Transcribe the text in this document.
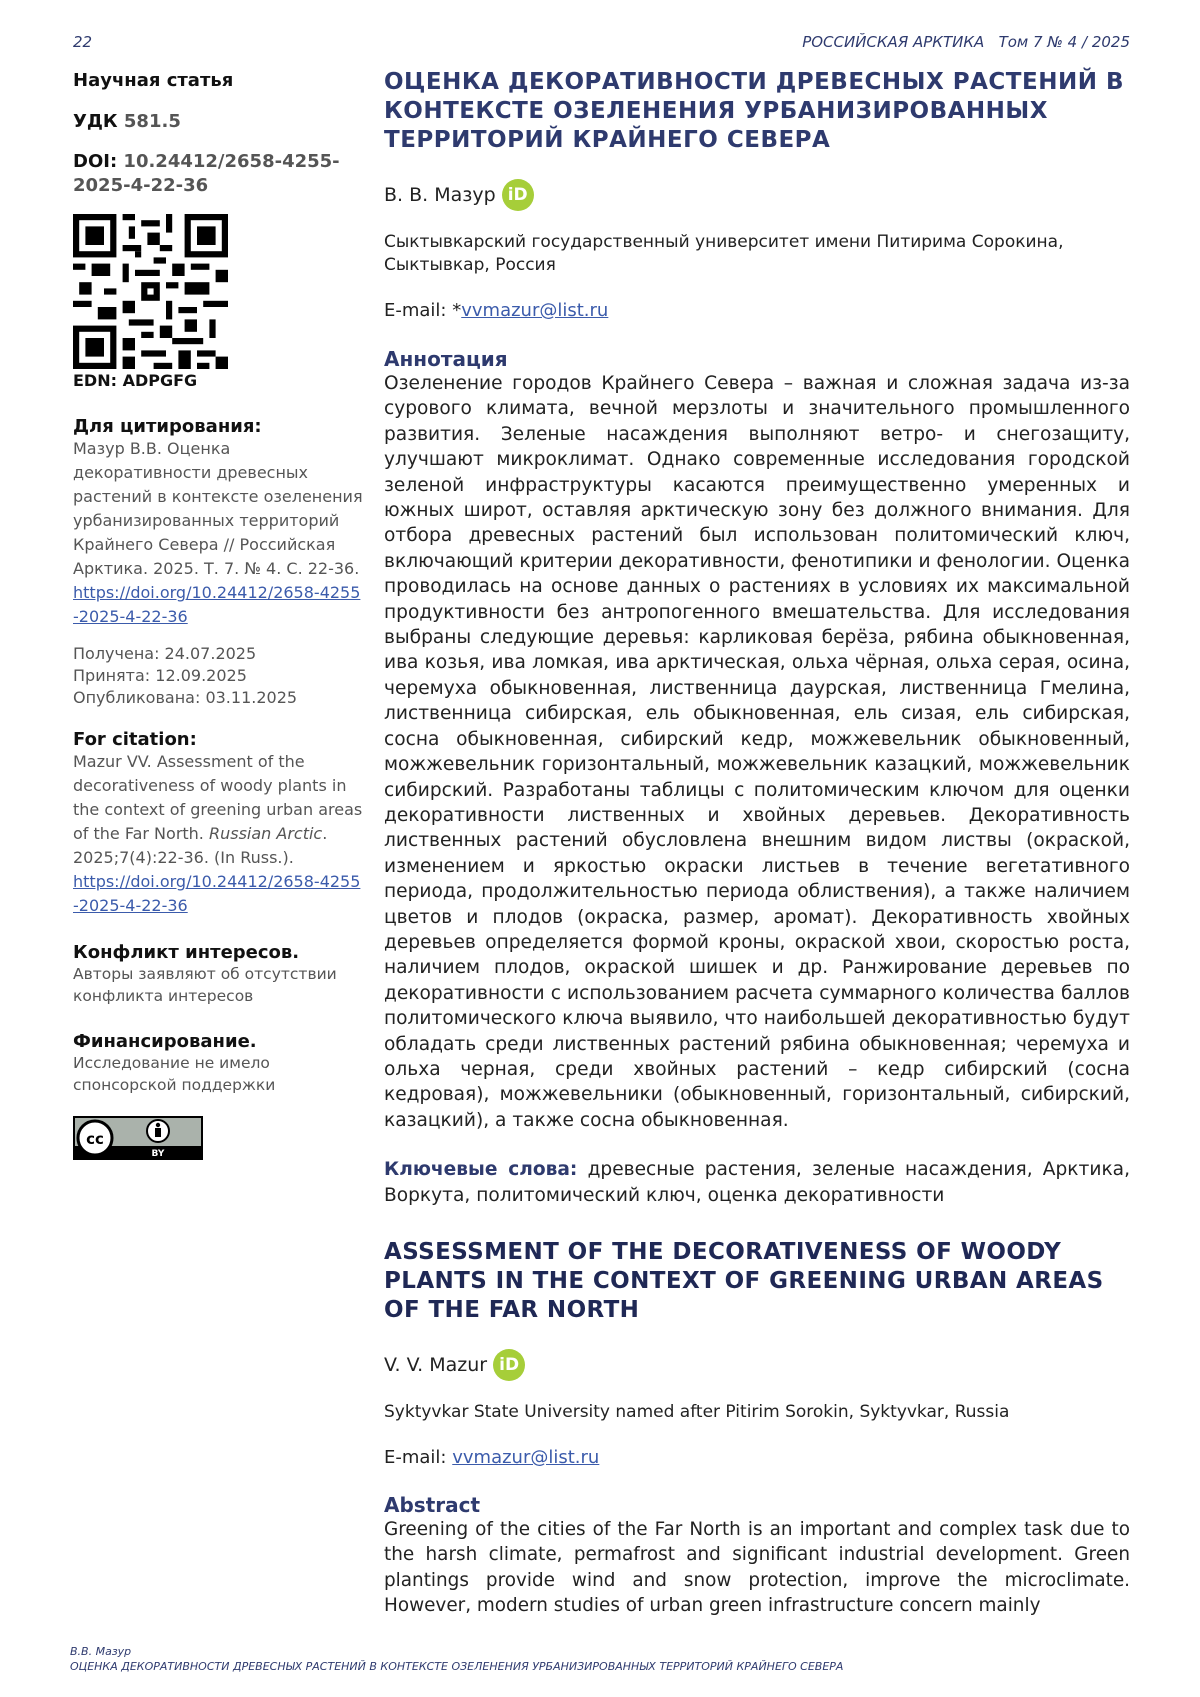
22	РОССИЙСКАЯ АРКТИКА Том 7 № 4 / 2025
Научная статья
УДК 581.5
DOI: 10.24412/2658-4255-2025-4-22-36
EDN: ADPGFG
Для цитирования:
Мазур В.В. Оценка декоративности древесных растений в контексте озеленения урбанизированных территорий Крайнего Севера // Российская Арктика. 2025. Т. 7. № 4. С. 22-36.
https://doi.org/10.24412/2658-4255-2025-4-22-36
Получена: 24.07.2025
Принята: 12.09.2025
Опубликована: 03.11.2025
For citation:
Mazur VV. Assessment of the decorativeness of woody plants in the context of greening urban areas of the Far North. Russian Arctic. 2025;7(4):22-36. (In Russ.).
https://doi.org/10.24412/2658-4255-2025-4-22-36
Конфликт интересов.
Авторы заявляют об отсутствии конфликта интересов
Финансирование.
Исследование не имело спонсорской поддержки
cc
BY
ОЦЕНКА ДЕКОРАТИВНОСТИ ДРЕВЕСНЫХ РАСТЕНИЙ В КОНТЕКСТЕ ОЗЕЛЕНЕНИЯ УРБАНИЗИРОВАННЫХ ТЕРРИТОРИЙ КРАЙНЕГО СЕВЕРА
В. В. Мазур iD
Сыктывкарский государственный университет имени Питирима Сорокина, Сыктывкар, Россия
E-mail: *vvmazur@list.ru
Аннотация
Озеленение городов Крайнего Севера – важная и сложная задача из-за сурового климата, вечной мерзлоты и значительного промышленного развития. Зеленые насаждения выполняют ветро- и снегозащиту, улучшают микроклимат. Однако современные исследования городской зеленой инфраструктуры касаются преимущественно умеренных и южных широт, оставляя арктическую зону без должного внимания. Для отбора древесных растений был использован политомический ключ, включающий критерии декоративности, фенотипики и фенологии. Оценка проводилась на основе данных о растениях в условиях их максимальной продуктивности без антропогенного вмешательства. Для исследования выбраны следующие деревья: карликовая берёза, рябина обыкновенная, ива козья, ива ломкая, ива арктическая, ольха чёрная, ольха серая, осина, черемуха обыкновенная, лиственница даурская, лиственница Гмелина, лиственница сибирская, ель обыкновенная, ель сизая, ель сибирская, сосна обыкновенная, сибирский кедр, можжевельник обыкновенный, можжевельник горизонтальный, можжевельник казацкий, можжевельник сибирский. Разработаны таблицы с политомическим ключом для оценки декоративности лиственных и хвойных деревьев. Декоративность лиственных растений обусловлена внешним видом листвы (окраской, изменением и яркостью окраски листьев в течение вегетативного периода, продолжительностью периода облиствения), а также наличием цветов и плодов (окраска, размер, аромат). Декоративность хвойных деревьев определяется формой кроны, окраской хвои, скоростью роста, наличием плодов, окраской шишек и др. Ранжирование деревьев по декоративности с использованием расчета суммарного количества баллов политомического ключа выявило, что наибольшей декоративностью будут обладать среди лиственных растений рябина обыкновенная; черемуха и ольха черная, среди хвойных растений – кедр сибирский (сосна кедровая), можжевельники (обыкновенный, горизонтальный, сибирский, казацкий), а также сосна обыкновенная.
Ключевые слова: древесные растения, зеленые насаждения, Арктика, Воркута, политомический ключ, оценка декоративности
ASSESSMENT OF THE DECORATIVENESS OF WOODY PLANTS IN THE CONTEXT OF GREENING URBAN AREAS OF THE FAR NORTH
V. V. Mazur iD
Syktyvkar State University named after Pitirim Sorokin, Syktyvkar, Russia
E-mail: vvmazur@list.ru
Abstract
Greening of the cities of the Far North is an important and complex task due to the harsh climate, permafrost and significant industrial development. Green plantings provide wind and snow protection, improve the microclimate. However, modern studies of urban green infrastructure concern mainly
В.В. Мазур
ОЦЕНКА ДЕКОРАТИВНОСТИ ДРЕВЕСНЫХ РАСТЕНИЙ В КОНТЕКСТЕ ОЗЕЛЕНЕНИЯ УРБАНИЗИРОВАННЫХ ТЕРРИТОРИЙ КРАЙНЕГО СЕВЕРА
